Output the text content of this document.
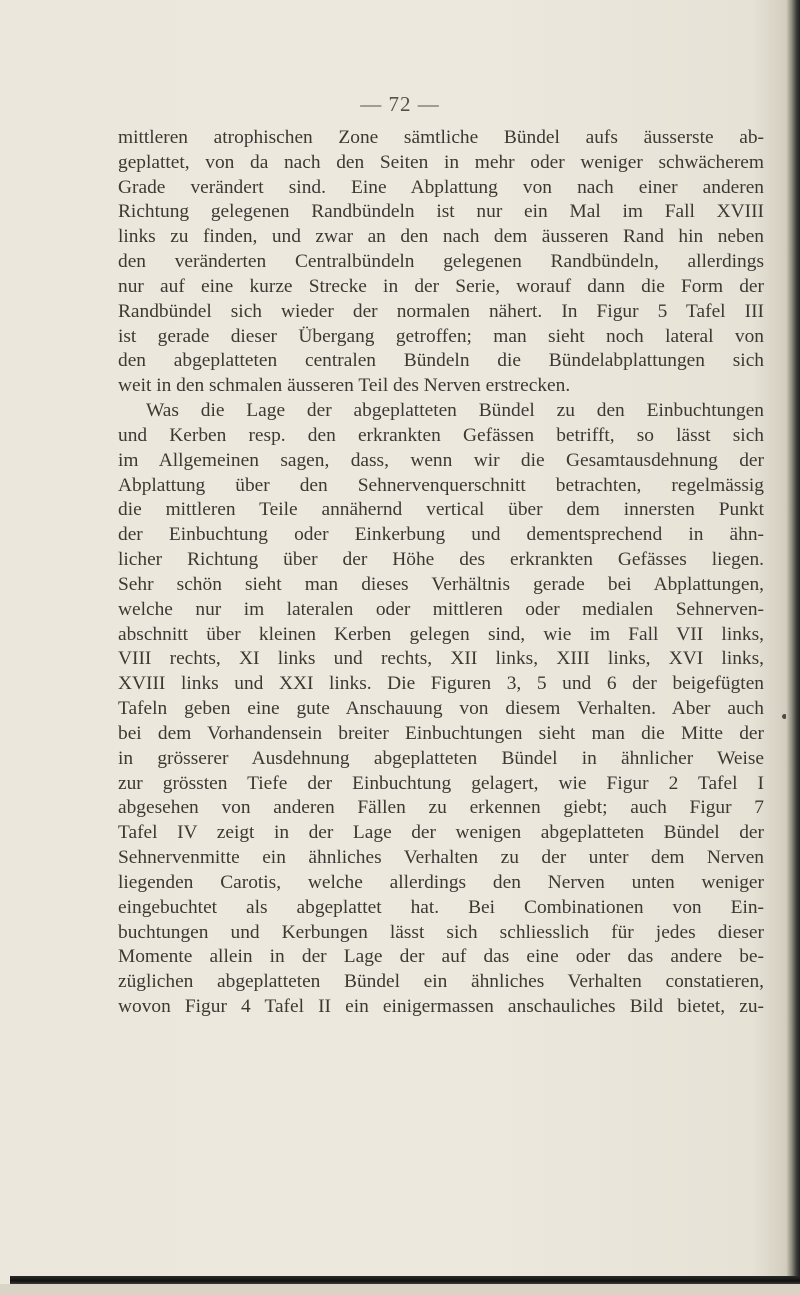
— 72 —
mittleren atrophischen Zone sämtliche Bündel aufs äusserste ab-
geplattet, von da nach den Seiten in mehr oder weniger schwächerem
Grade verändert sind. Eine Abplattung von nach einer anderen
Richtung gelegenen Randbündeln ist nur ein Mal im Fall XVIII
links zu finden, und zwar an den nach dem äusseren Rand hin neben
den veränderten Centralbündeln gelegenen Randbündeln, allerdings
nur auf eine kurze Strecke in der Serie, worauf dann die Form der
Randbündel sich wieder der normalen nähert. In Figur 5 Tafel III
ist gerade dieser Übergang getroffen; man sieht noch lateral von
den abgeplatteten centralen Bündeln die Bündelabplattungen sich
weit in den schmalen äusseren Teil des Nerven erstrecken.
Was die Lage der abgeplatteten Bündel zu den Einbuchtungen
und Kerben resp. den erkrankten Gefässen betrifft, so lässt sich
im Allgemeinen sagen, dass, wenn wir die Gesamtausdehnung der
Abplattung über den Sehnervenquerschnitt betrachten, regelmässig
die mittleren Teile annähernd vertical über dem innersten Punkt
der Einbuchtung oder Einkerbung und dementsprechend in ähn-
licher Richtung über der Höhe des erkrankten Gefässes liegen.
Sehr schön sieht man dieses Verhältnis gerade bei Abplattungen,
welche nur im lateralen oder mittleren oder medialen Sehnerven-
abschnitt über kleinen Kerben gelegen sind, wie im Fall VII links,
VIII rechts, XI links und rechts, XII links, XIII links, XVI links,
XVIII links und XXI links. Die Figuren 3, 5 und 6 der beigefügten
Tafeln geben eine gute Anschauung von diesem Verhalten. Aber auch
bei dem Vorhandensein breiter Einbuchtungen sieht man die Mitte der
in grösserer Ausdehnung abgeplatteten Bündel in ähnlicher Weise
zur grössten Tiefe der Einbuchtung gelagert, wie Figur 2 Tafel I
abgesehen von anderen Fällen zu erkennen giebt; auch Figur 7
Tafel IV zeigt in der Lage der wenigen abgeplatteten Bündel der
Sehnervenmitte ein ähnliches Verhalten zu der unter dem Nerven
liegenden Carotis, welche allerdings den Nerven unten weniger
eingebuchtet als abgeplattet hat. Bei Combinationen von Ein-
buchtungen und Kerbungen lässt sich schliesslich für jedes dieser
Momente allein in der Lage der auf das eine oder das andere be-
züglichen abgeplatteten Bündel ein ähnliches Verhalten constatieren,
wovon Figur 4 Tafel II ein einigermassen anschauliches Bild bietet, zu-
